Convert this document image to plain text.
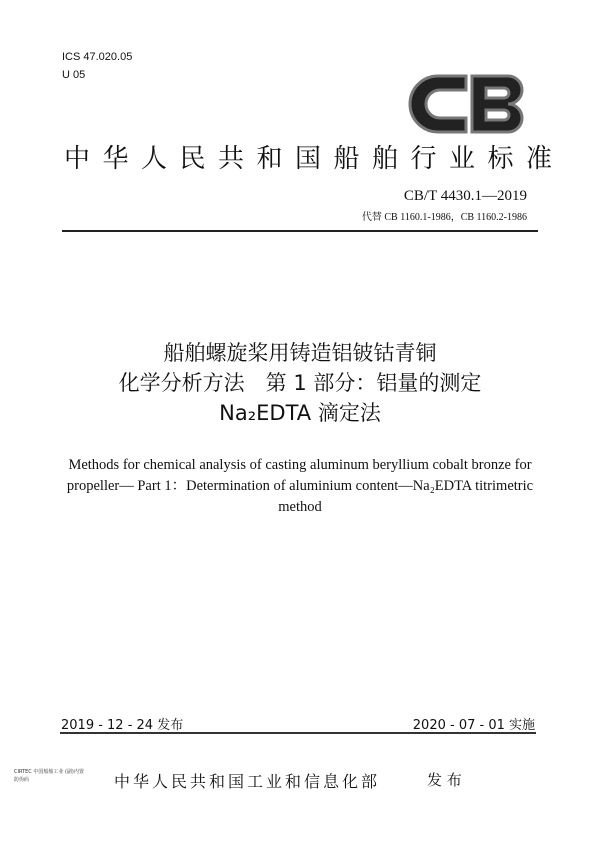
ICS 47.020.05
U 05
中华人民共和国船舶行业标准
CB/T 4430.1—2019
代替 CB 1160.1-1986，CB 1160.2-1986
船舶螺旋桨用铸造铝铍钴青铜
化学分析方法　第 1 部分：铝量的测定
Na₂EDTA 滴定法
Methods for chemical analysis of casting aluminum beryllium cobalt bronze for
propeller— Part 1：Determination of aluminium content—Na₂EDTA titrimetric
method
2019 - 12 - 24 发布	2020 - 07 - 01 实施
CIRTEC 中国船舶工业 (副)内置防伪码	中华人民共和国工业和信息化部	发 布
